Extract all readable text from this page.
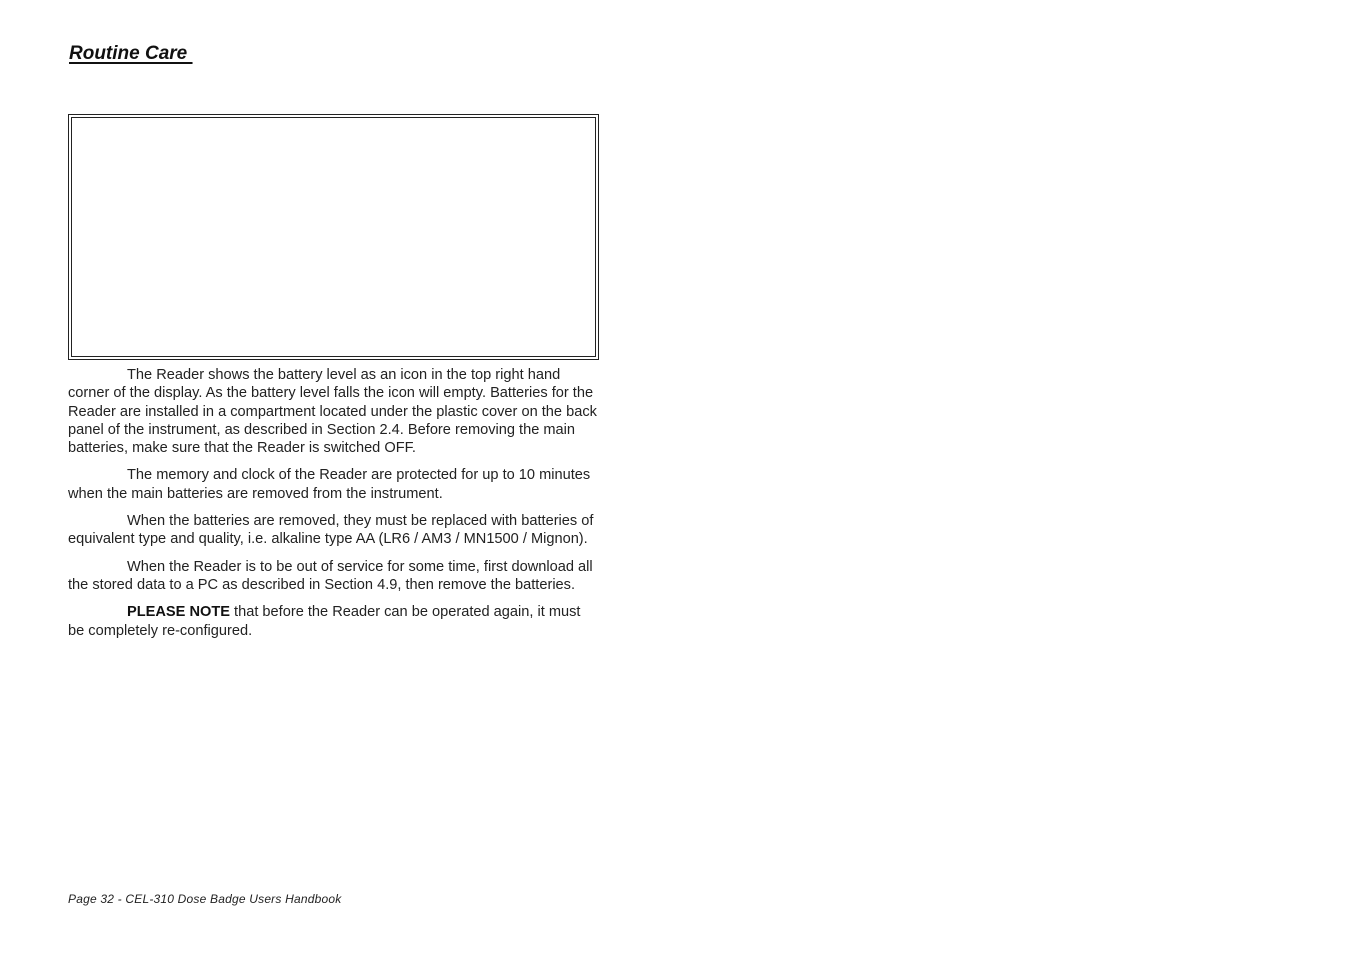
Routine Care

The Reader shows the battery level as an icon in the top right hand corner of the display. As the battery level falls the icon will empty. Batteries for the Reader are installed in a compartment located under the plastic cover on the back panel of the instrument, as described in Section 2.4. Before removing the main batteries, make sure that the Reader is switched OFF.

The memory and clock of the Reader are protected for up to 10 minutes when the main batteries are removed from the instrument.

When the batteries are removed, they must be replaced with batteries of equivalent type and quality, i.e. alkaline type AA (LR6 / AM3 / MN1500 / Mignon).

When the Reader is to be out of service for some time, first download all the stored data to a PC as described in Section 4.9, then remove the batteries.

PLEASE NOTE that before the Reader can be operated again, it must be completely re-configured.

Page 32 - CEL-310 Dose Badge Users Handbook
